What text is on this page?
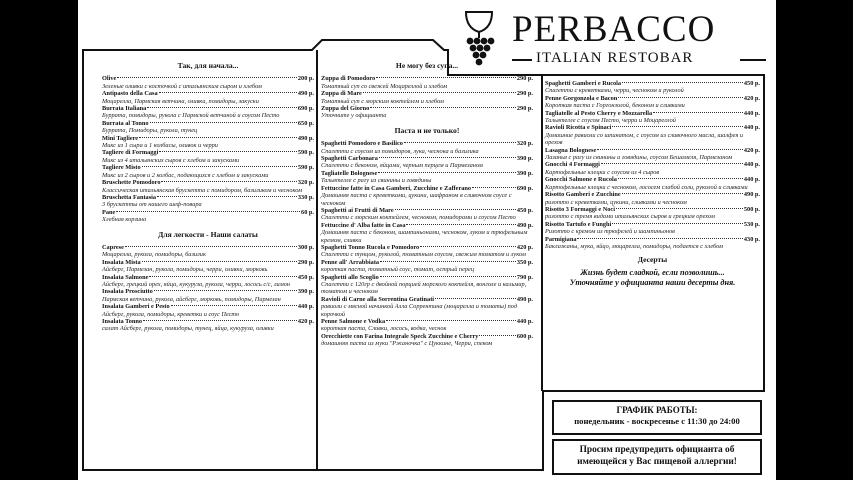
PERBACCO
ITALIAN RESTOBAR
Так, для начала...
Olive	200 р.
Зеленые оливки с косточкой с итальянским сыром и хлебом
Antipasto della Casa	490 р.
Моцарелла, Пармская ветчина, оливки, помидоры, закуски
Burrata Italiana	690 р.
Буррата, помидоры, рукола с Пармской ветчиной и соусом Песто
Burrata al Tonno	650 р.
Буррата, Помидоры, рукола, тунец
Mini Tagliere	490 р.
Микс из 1 сыра и 1 колбасы, оливок и черри
Tagliere di Formaggi	590 р.
Микс из 4 итальянских сыров с хлебом и закусками
Tagliere Misto	590 р.
Микс из 2 сыров и 2 колбас, подающихся с хлебом и закусками
Bruschette Pomodoro	320 р.
Классическая итальянская брускетта с помидором, базиликом и чесноком
Bruschetta Fantasia	330 р.
3 брускетты от нашего шеф-повара
Pane	60 р.
Хлебная корзина
Для легкости - Наши салаты
Caprese	300 р.
Моцарелла, рукола, помидоры, базилик
Insalata Mista	290 р.
Айсберг, Пармезан, рукола, помидоры, черри, оливки, морковь
Insalata Salmone	450 р.
Айсберг, грецкий орех, яйца, кукуруза, рукола, черри, лосось с/с, лимон
Insalata Prosciutto	390 р.
Пармская ветчина, рукола, айсберг, морковь, помидоры, Пармезан
Insalata Gamberi e Pesto	440 р.
Айсберг, рукола, помидоры, креветки и соус Песто
Insalata Tonno	420 р.
салат Айсберг, рукола, помидоры, тунец, яйца, кукуруза, оливки
Не могу без супа...
Zuppa di Pomodoro	290 р.
Томатный суп со свежей Моцареллой и хлебом
Zuppa di Mare	290 р.
Томатный суп с морским коктейлем и хлебом
Zuppa del Giorno	290 р.
Уточните у официанта
Паста и не только!
Spaghetti Pomodoro e Basilico	320 р.
Спагетти с соусом из помидоров, лука, чеснока и базилика
Spaghetti Carbonara	390 р.
Спагетти с беконом, яйцами, черным перцем и Пармезаном
Tagliatelle Bolognese	390 р.
Тальятелле с рагу из свинины и говядины
Fettuccine fatte in Casa Gamberi, Zucchine e Zafferano	690 р.
Домашняя паста с креветками, цукини, шафраном в сливочном соусе с чесноком
Spaghetti ai Frutti di Mare	450 р.
Спагетти с морским коктейлем, чесноком, помидорами и соусом Песто
Fettuccine d' Alba fatte in Casa	490 р.
Домашняя паста с беконом, шампиньонами, чесноком, луком и трюфельным кремом, сливки
Spaghetti Tonno Rucola e Pomodoro	420 р.
Спагетти с тунцом, руколой, томатным соусом, свежим томатом и луком
Penne all' Arrabbiata	350 р.
короткая паста, томатный соус, томат, острый перец
Spaghetti allo Scoglio	790 р.
Спагетти с 120гр с двойной порцией морского коктейля, вонголе и кальмар, томатом и чесноком
Ravioli di Carne alla Sorrentina Gratinati	490 р.
равиоли с мясной начинкой Алла Соррентина (моцарелла и томаты) под корочкой
Penne Salmone e Vodka	440 р.
короткая паста, Сливки, лосось, водка, чеснок
Orecchiette con Farina Integrale Speck Zucchine e Cherry	600 р.
домашняя паста из муки "Ржаночка" с Цуккине, Черри, спеком
Spaghetti Gamberi e Rucola	450 р.
Спагетти с креветками, черри, чесноком и руколой
Penne Gorgonzola e Bacon	420 р.
Короткая паста с Горгонзолой, беконом и сливками
Tagliatelle al Pesto Cherry e Mozzarella	440 р.
Тальятелле с соусом Песто, черри и Моцареллой
Ravioli Ricotta e Spinaci	440 р.
Домашние равиоли со шпинатом, с соусом из сливочного масла, шалфея и орехов
Lasagna Bolognese	420 р.
Лазанья с рагу из свинины и говядины, соусом Бешамеля, Пармезаном
Gnocchi 4 Formaggi	440 р.
Картофельные клецки с соусом из 4 сыров
Gnocchi Salmone e Rucola	440 р.
Картофельные клецки с чесноком, лососем слабой соли, руколой и сливками
Risotto Gamberi e Zucchine	490 р.
ризотто с креветками, цукини, сливками и чесноком
Risotto 3 Formaggi e Noci	500 р.
ризотто с тремя видами итальянских сыров и грецким орехом
Risotto Tartufo e Funghi	530 р.
Ризотто с кремом из трюфелей и шампиньонов
Parmigiana	430 р.
Баклажаны, мука, яйцо, моцарелла, помидоры, подается с хлебом
Десерты
Жизнь будет сладкой, если позволишь...
Уточняйте у официанта наши десерты дня.
ГРАФИК РАБОТЫ:
понедельник - воскресенье с 11:30 до 24:00
Просим предупредить официанта об
имеющейся у Вас пищевой аллергии!
